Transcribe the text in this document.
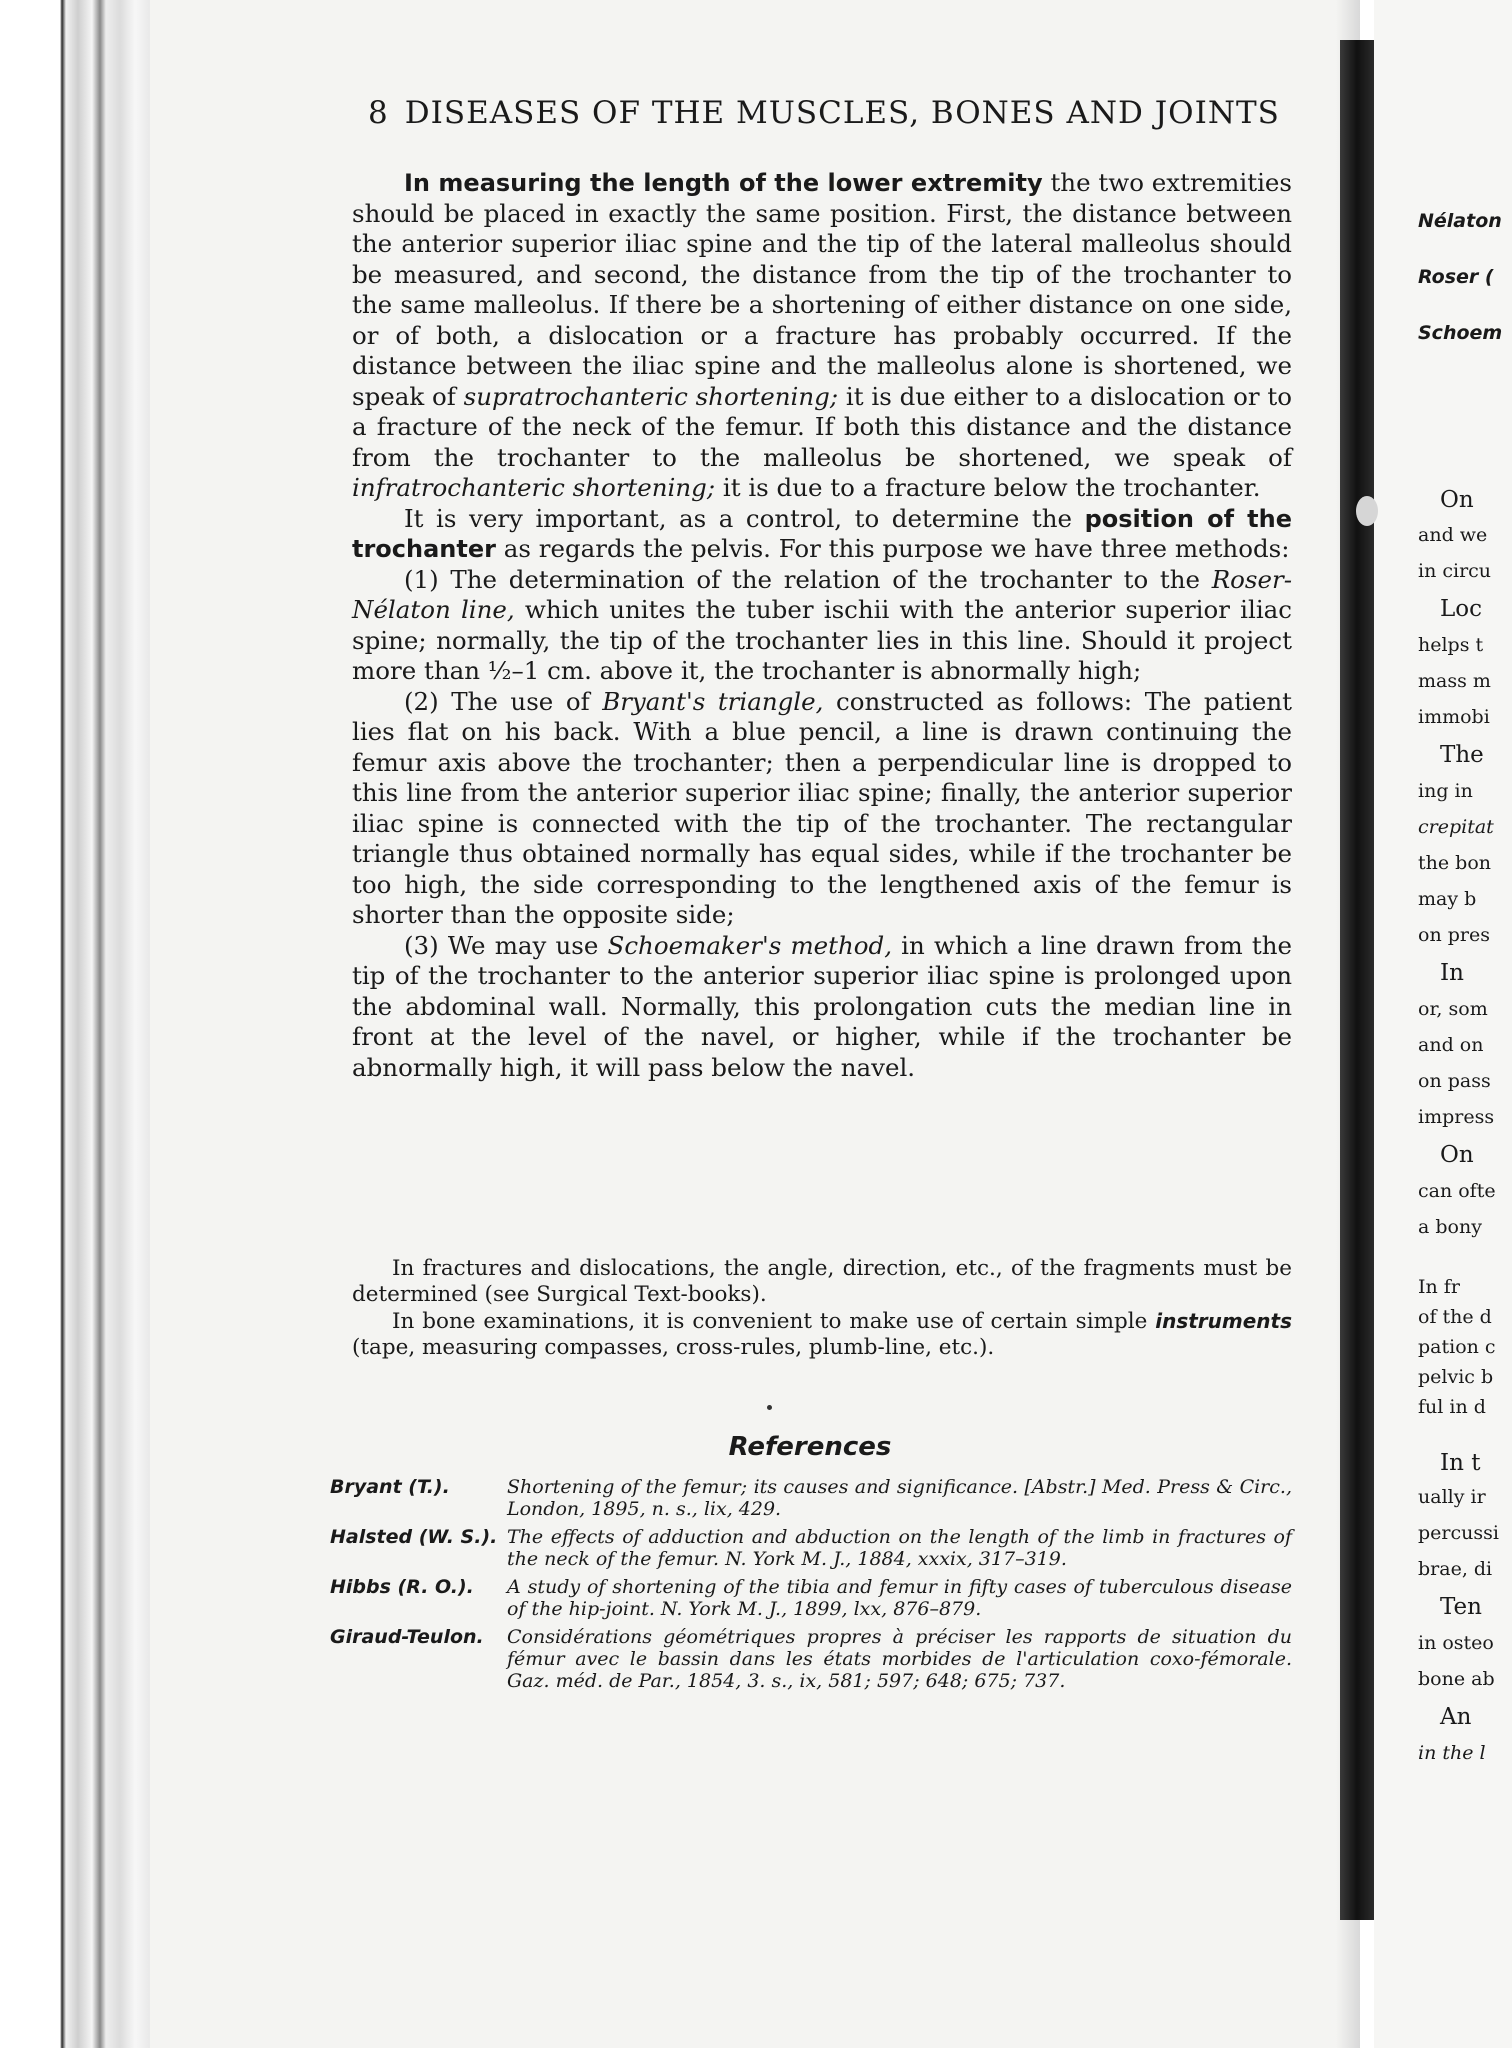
8 DISEASES OF THE MUSCLES, BONES AND JOINTS

In measuring the length of the lower extremity the two extremities should be placed in exactly the same position. First, the distance between the anterior superior iliac spine and the tip of the lateral malleolus should be measured, and second, the distance from the tip of the trochanter to the same malleolus. If there be a shortening of either distance on one side, or of both, a dislocation or a fracture has probably occurred. If the distance between the iliac spine and the malleolus alone is shortened, we speak of supratrochanteric shortening; it is due either to a dislocation or to a fracture of the neck of the femur. If both this distance and the distance from the trochanter to the malleolus be shortened, we speak of infratrochanteric shortening; it is due to a fracture below the trochanter.

It is very important, as a control, to determine the position of the trochanter as regards the pelvis. For this purpose we have three methods:

(1) The determination of the relation of the trochanter to the Roser-Nélaton line, which unites the tuber ischii with the anterior superior iliac spine; normally, the tip of the trochanter lies in this line. Should it project more than ½–1 cm. above it, the trochanter is abnormally high;

(2) The use of Bryant's triangle, constructed as follows: The patient lies flat on his back. With a blue pencil, a line is drawn continuing the femur axis above the trochanter; then a perpendicular line is dropped to this line from the anterior superior iliac spine; finally, the anterior superior iliac spine is connected with the tip of the trochanter. The rectangular triangle thus obtained normally has equal sides, while if the trochanter be too high, the side corresponding to the lengthened axis of the femur is shorter than the opposite side;

(3) We may use Schoemaker's method, in which a line drawn from the tip of the trochanter to the anterior superior iliac spine is prolonged upon the abdominal wall. Normally, this prolongation cuts the median line in front at the level of the navel, or higher, while if the trochanter be abnormally high, it will pass below the navel.

In fractures and dislocations, the angle, direction, etc., of the fragments must be determined (see Surgical Text-books).

In bone examinations, it is convenient to make use of certain simple instruments (tape, measuring compasses, cross-rules, plumb-line, etc.).

References
Bryant (T.).	Shortening of the femur; its causes and significance. [Abstr.] Med. Press & Circ., London, 1895, n. s., lix, 429.
Halsted (W. S.). The effects of adduction and abduction on the length of the limb in fractures of the neck of the femur. N. York M. J., 1884, xxxix, 317–319.
Hibbs (R. O.).	A study of shortening of the tibia and femur in fifty cases of tuberculous disease of the hip-joint. N. York M. J., 1899, lxx, 876–879.
Giraud-Teulon.	Considérations géométriques propres à préciser les rapports de situation du fémur avec le bassin dans les états morbides de l'articulation coxo-fémorale. Gaz. méd. de Par., 1854, 3. s., ix, 581; 597; 648; 675; 737.
Nélaton
Roser (
Schoem
On
and we
in circu
Loc
helps t
mass m
immobi
The
ing in
crepitat
the bon
may b
on pres
In
or, som
and on
on pass
impress
On
can ofte
a bony
In fr
of the d
pation c
pelvic b
ful in d
In t
ually ir
percussi
brae, di
Ten
in osteo
bone ab
An
in the l
